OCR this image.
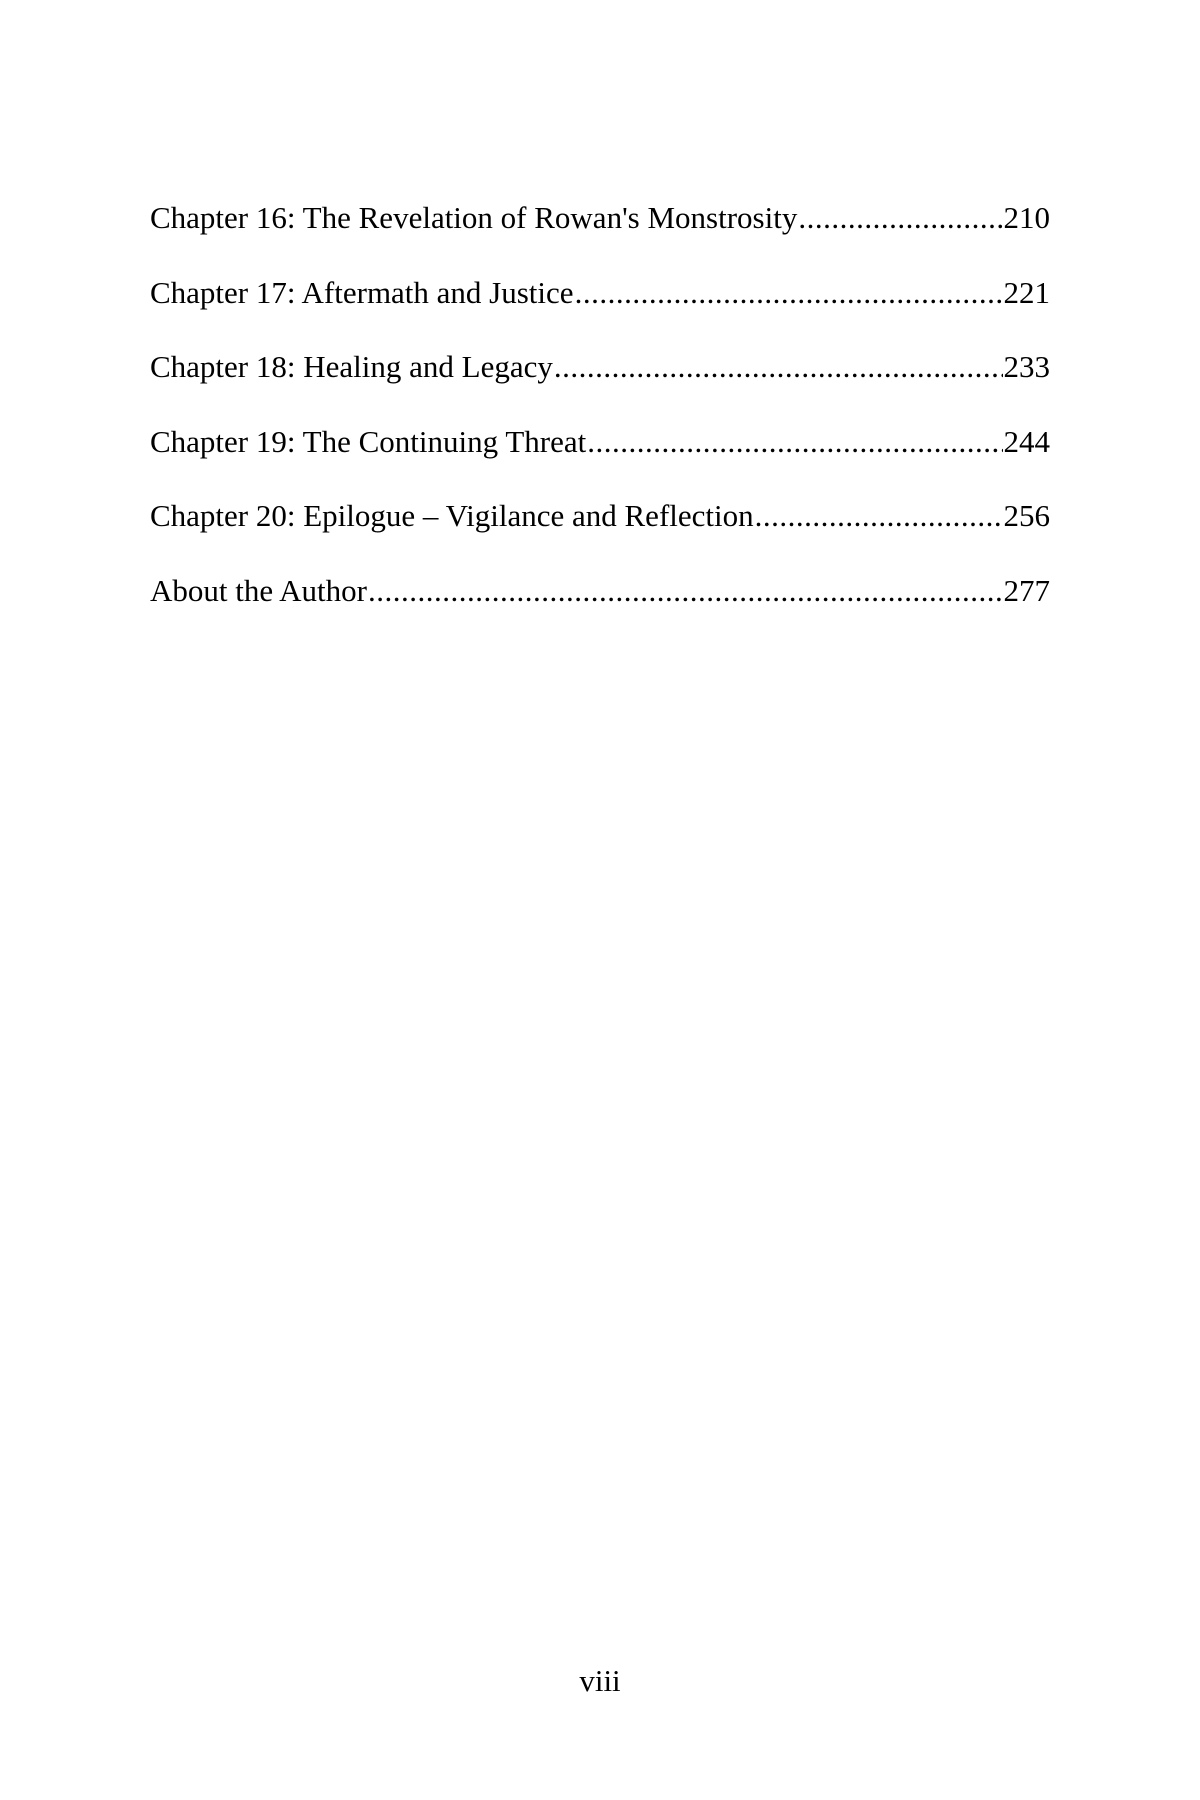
Chapter 16: The Revelation of Rowan's Monstrosity .....	210
Chapter 17: Aftermath and Justice .....	221
Chapter 18: Healing and Legacy .....	233
Chapter 19: The Continuing Threat .....	244
Chapter 20: Epilogue – Vigilance and Reflection .....	256
About the Author .....	277
viii
